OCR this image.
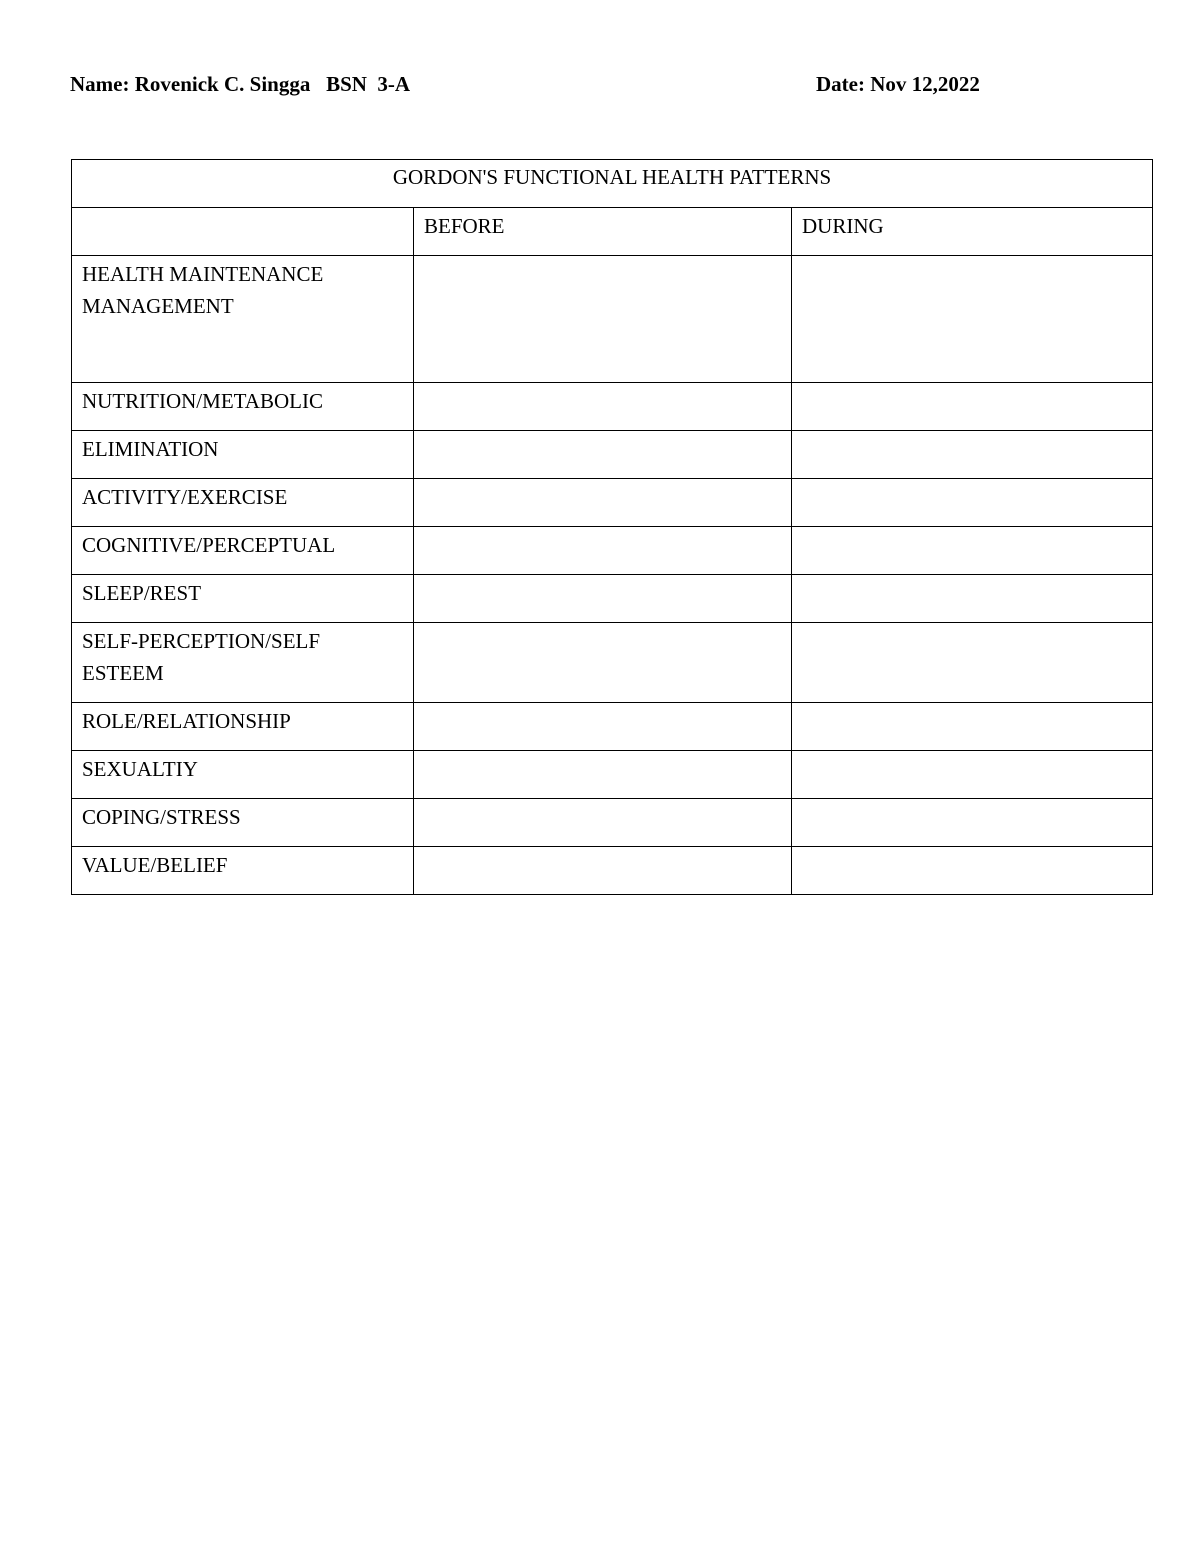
Name: Rovenick C. Singga   BSN  3-A	Date: Nov 12,2022
GORDON'S FUNCTIONAL HEALTH PATTERNS		
	BEFORE	DURING
HEALTH MAINTENANCE MANAGEMENT		
NUTRITION/METABOLIC		
ELIMINATION		
ACTIVITY/EXERCISE		
COGNITIVE/PERCEPTUAL		
SLEEP/REST		
SELF-PERCEPTION/SELF ESTEEM		
ROLE/RELATIONSHIP		
SEXUALTIY		
COPING/STRESS		
VALUE/BELIEF		
